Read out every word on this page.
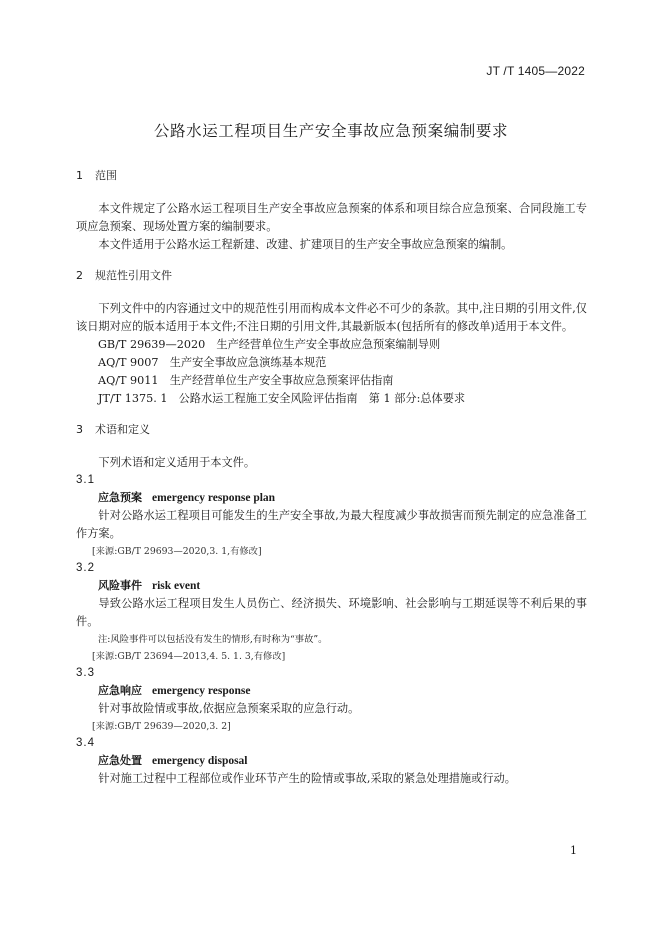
JT /T 1405—2022
公路水运工程项目生产安全事故应急预案编制要求
1 范围

本文件规定了公路水运工程项目生产安全事故应急预案的体系和项目综合应急预案、合同段施工专项应急预案、现场处置方案的编制要求。

本文件适用于公路水运工程新建、改建、扩建项目的生产安全事故应急预案的编制。

2 规范性引用文件

下列文件中的内容通过文中的规范性引用而构成本文件必不可少的条款。其中,注日期的引用文件,仅该日期对应的版本适用于本文件;不注日期的引用文件,其最新版本(包括所有的修改单)适用于本文件。

GB/T 29639—2020　生产经营单位生产安全事故应急预案编制导则
AQ/T 9007　生产安全事故应急演练基本规范
AQ/T 9011　生产经营单位生产安全事故应急预案评估指南
JT/T 1375. 1　公路水运工程施工安全风险评估指南　第 1 部分:总体要求
3 术语和定义

下列术语和定义适用于本文件。

3.1
应急预案 emergency response plan

针对公路水运工程项目可能发生的生产安全事故,为最大程度减少事故损害而预先制定的应急准备工作方案。

[来源:GB/T 29693—2020,3. 1,有修改]
3.2
风险事件 risk event

导致公路水运工程项目发生人员伤亡、经济损失、环境影响、社会影响与工期延误等不利后果的事件。

注:风险事件可以包括没有发生的情形,有时称为“事故”。
[来源:GB/T 23694—2013,4. 5. 1. 3,有修改]
3.3
应急响应 emergency response

针对事故险情或事故,依据应急预案采取的应急行动。

[来源:GB/T 29639—2020,3. 2]
3.4
应急处置 emergency disposal

针对施工过程中工程部位或作业环节产生的险情或事故,采取的紧急处理措施或行动。

1
